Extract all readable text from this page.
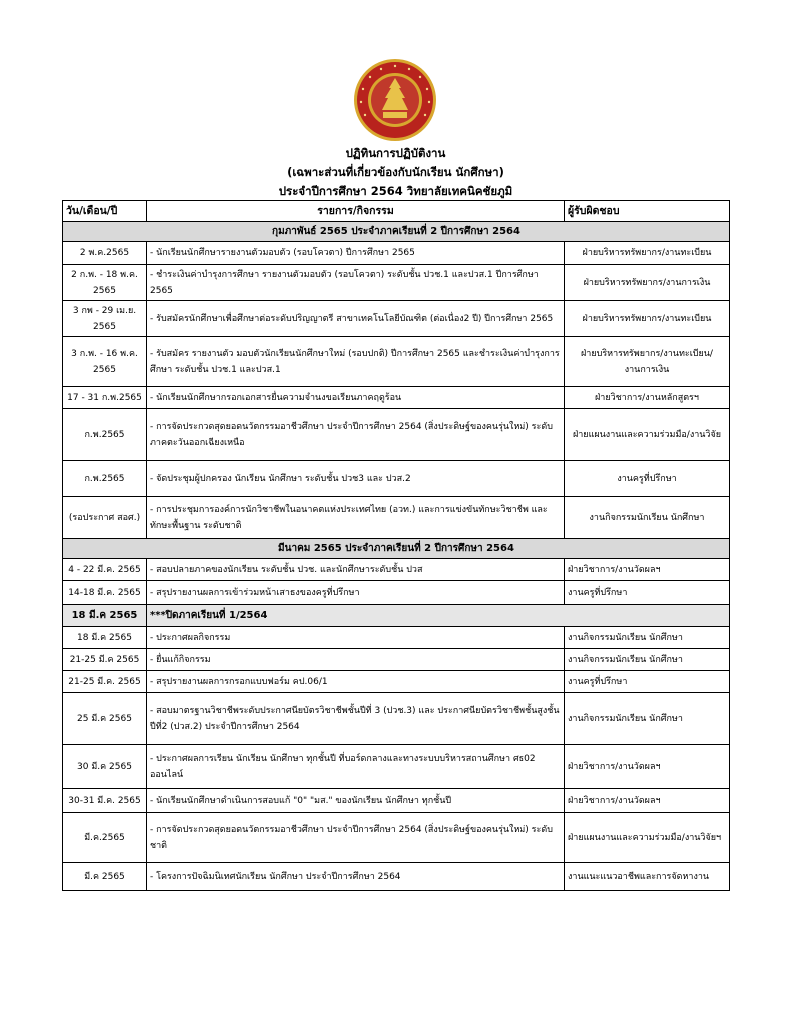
ปฏิทินการปฏิบัติงาน
(เฉพาะส่วนที่เกี่ยวข้องกับนักเรียน นักศึกษา)
ประจำปีการศึกษา 2564 วิทยาลัยเทคนิคชัยภูมิ
วัน/เดือน/ปี	รายการ/กิจกรรม	ผู้รับผิดชอบ
กุมภาพันธ์ 2565 ประจำภาคเรียนที่ 2 ปีการศึกษา 2564		
2 พ.ค.2565	- นักเรียนนักศึกษารายงานตัวมอบตัว (รอบโควตา) ปีการศึกษา 2565	ฝ่ายบริหารทรัพยากร/งานทะเบียน
2 ก.พ. - 18 พ.ค. 2565	- ชำระเงินค่าบำรุงการศึกษา รายงานตัวมอบตัว (รอบโควตา) ระดับชั้น ปวช.1 และปวส.1 ปีการศึกษา 2565	ฝ่ายบริหารทรัพยากร/งานการเงิน
3 กพ - 29 เม.ย. 2565	- รับสมัครนักศึกษาเพื่อศึกษาต่อระดับปริญญาตรี สาขาเทคโนโลยีบัณฑิต (ต่อเนื่อง2 ปี) ปีการศึกษา 2565	ฝ่ายบริหารทรัพยากร/งานทะเบียน
3 ก.พ. - 16 พ.ค. 2565	- รับสมัคร รายงานตัว มอบตัวนักเรียนนักศึกษาใหม่ (รอบปกติ) ปีการศึกษา 2565 และชำระเงินค่าบำรุงการศึกษา ระดับชั้น ปวช.1 และปวส.1	ฝ่ายบริหารทรัพยากร/งานทะเบียน/งานการเงิน
17 - 31 ก.พ.2565	- นักเรียนนักศึกษากรอกเอกสารยื่นความจำนงขอเรียนภาคฤดูร้อน	ฝ่ายวิชาการ/งานหลักสูตรฯ
ก.พ.2565	- การจัดประกวดสุดยอดนวัตกรรมอาชีวศึกษา ประจำปีการศึกษา 2564 (สิ่งประดิษฐ์ของคนรุ่นใหม่) ระดับภาคตะวันออกเฉียงเหนือ	ฝ่ายแผนงานและความร่วมมือ/งานวิจัย
ก.พ.2565	- จัดประชุมผู้ปกครอง นักเรียน นักศึกษา ระดับชั้น ปวช3 และ ปวส.2	งานครูที่ปรึกษา
(รอประกาศ สอศ.)	- การประชุมการองค์การนักวิชาชีพในอนาคตแห่งประเทศไทย (อวท.) และการแข่งขันทักษะวิชาชีพ และทักษะพื้นฐาน ระดับชาติ	งานกิจกรรมนักเรียน นักศึกษา
มีนาคม 2565 ประจำภาคเรียนที่ 2 ปีการศึกษา 2564		
4 - 22 มี.ค. 2565	- สอบปลายภาคของนักเรียน ระดับชั้น ปวช. และนักศึกษาระดับชั้น ปวส	ฝ่ายวิชาการ/งานวัดผลฯ
14-18 มี.ค. 2565	- สรุปรายงานผลการเข้าร่วมหน้าเสาธงของครูที่ปรึกษา	งานครูที่ปรึกษา
18 มี.ค 2565	***ปิดภาคเรียนที่ 1/2564	
18 มี.ค 2565	- ประกาศผลกิจกรรม	งานกิจกรรมนักเรียน นักศึกษา
21-25 มี.ค 2565	- ยื่นแก้กิจกรรม	งานกิจกรรมนักเรียน นักศึกษา
21-25 มี.ค. 2565	- สรุปรายงานผลการกรอกแบบฟอร์ม คป.06/1	งานครูที่ปรึกษา
25 มี.ค 2565	- สอบมาตรฐานวิชาชีพระดับประกาศนียบัตรวิชาชีพชั้นปีที่ 3 (ปวช.3) และ ประกาศนียบัตรวิชาชีพชั้นสูงชั้นปีที่2 (ปวส.2) ประจำปีการศึกษา 2564	งานกิจกรรมนักเรียน นักศึกษา
30 มี.ค 2565	- ประกาศผลการเรียน นักเรียน นักศึกษา ทุกชั้นปี ที่บอร์ดกลางและทางระบบบริหารสถานศึกษา ศธ02 ออนไลน์	ฝ่ายวิชาการ/งานวัดผลฯ
30-31 มี.ค. 2565	- นักเรียนนักศึกษาดำเนินการสอบแก้ "0" "มส." ของนักเรียน นักศึกษา ทุกชั้นปี	ฝ่ายวิชาการ/งานวัดผลฯ
มี.ค.2565	- การจัดประกวดสุดยอดนวัตกรรมอาชีวศึกษา ประจำปีการศึกษา 2564 (สิ่งประดิษฐ์ของคนรุ่นใหม่) ระดับชาติ	ฝ่ายแผนงานและความร่วมมือ/งานวิจัยฯ
มี.ค 2565	- โครงการปัจฉิมนิเทศนักเรียน นักศึกษา ประจำปีการศึกษา 2564	งานแนะแนวอาชีพและการจัดหางาน
